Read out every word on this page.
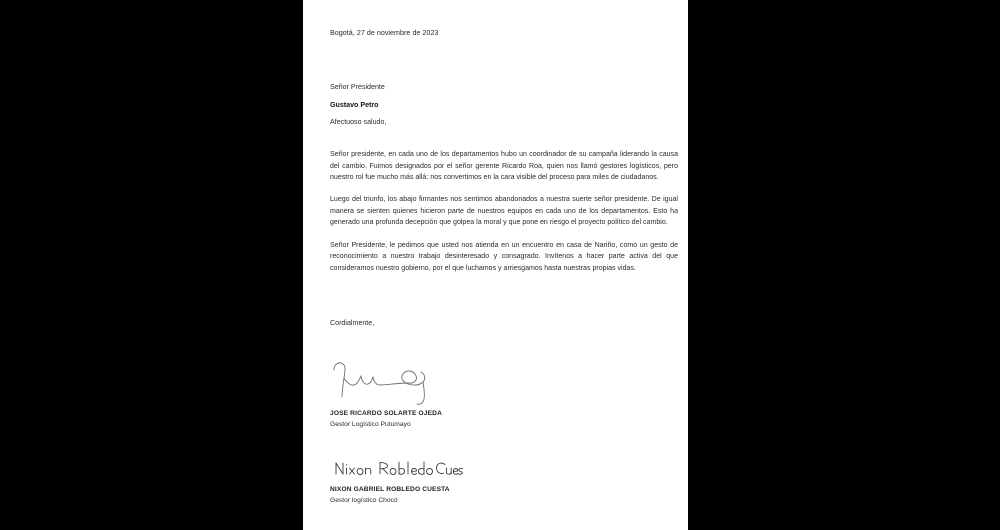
Bogotá, 27 de noviembre de 2023
Señor Presidente
Gustavo Petro
Afectuoso saludo,

Señor presidente, en cada uno de los departamentos hubo un coordinador de su campaña liderando la causa del cambio. Fuimos designados por el señor gerente Ricardo Roa, quien nos llamó gestores logísticos, pero nuestro rol fue mucho más allá: nos convertimos en la cara visible del proceso para miles de ciudadanos.

Luego del triunfo, los abajo firmantes nos sentimos abandonados a nuestra suerte señor presidente. De igual manera se sienten quienes hicieron parte de nuestros equipos en cada uno de los departamentos. Esto ha generado una profunda decepción que golpea la moral y que pone en riesgo el proyecto político del cambio.

Señor Presidente, le pedimos que usted nos atienda en un encuentro en casa de Nariño, como un gesto de reconocimiento a nuestro trabajo desinteresado y consagrado. Invítenos a hacer parte activa del que consideramos nuestro gobierno, por el que luchamos y arriesgamos hasta nuestras propias vidas.

Cordialmente,
JOSE RICARDO SOLARTE OJEDA
Gestor Logístico Putumayo
NIXON GABRIEL ROBLEDO CUESTA
Gestor logístico Chocó
